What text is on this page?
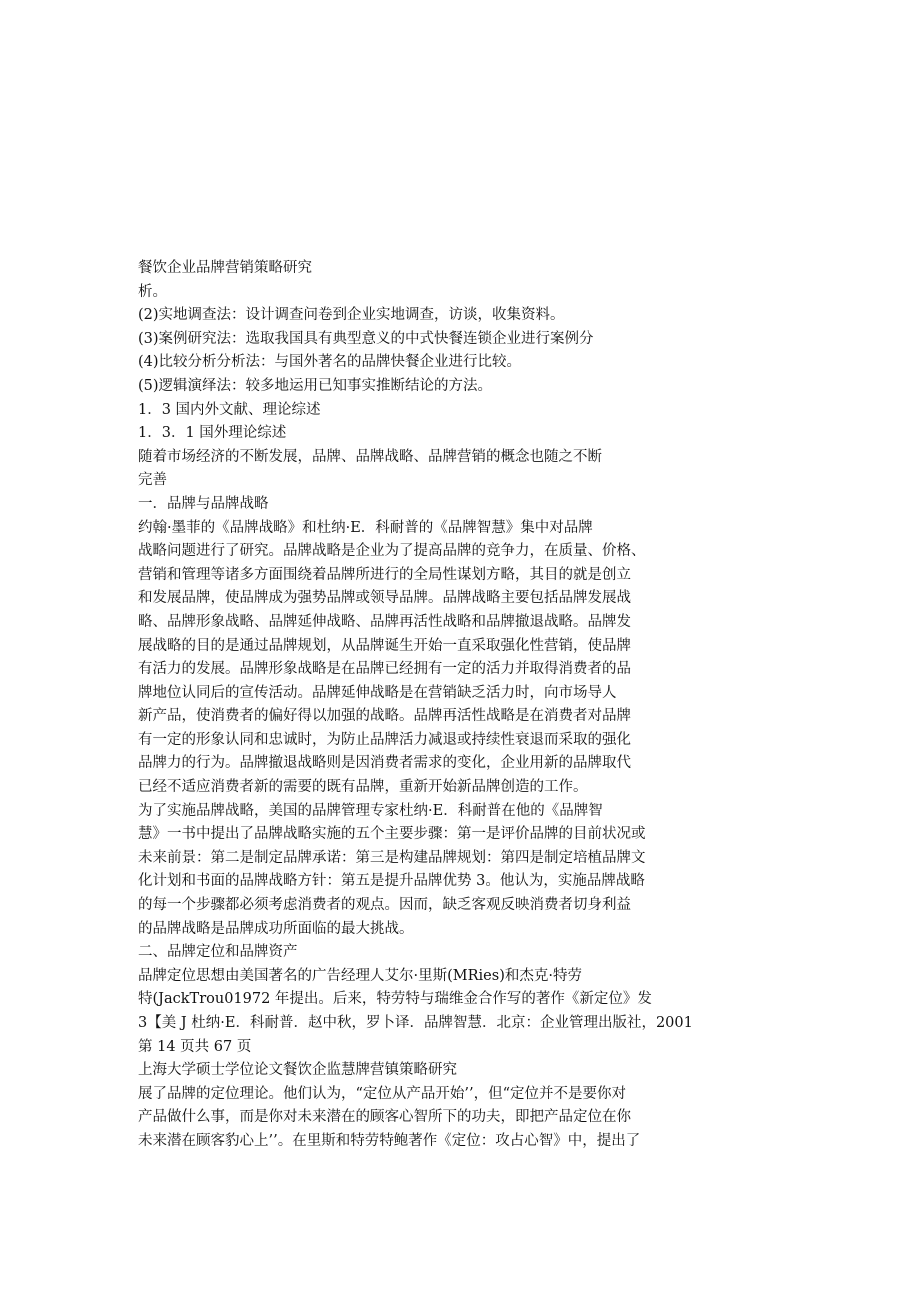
餐饮企业品牌营销策略研究
析。
(2)实地调查法：设计调查问卷到企业实地调查，访谈，收集资料。
(3)案例研究法：选取我国具有典型意义的中式快餐连锁企业进行案例分
(4)比较分析分析法：与国外著名的品牌快餐企业进行比较。
(5)逻辑演绎法：较多地运用已知事实推断结论的方法。
1．3 国内外文献、理论综述
1．3．1 国外理论综述
随着市场经济的不断发展，品牌、品牌战略、品牌营销的概念也随之不断
完善
一．品牌与品牌战略
约翰·墨菲的《品牌战略》和杜纳·E．科耐普的《品牌智慧》集中对品牌
战略问题进行了研究。品牌战略是企业为了提高品牌的竞争力，在质量、价格、
营销和管理等诸多方面围绕着品牌所进行的全局性谋划方略，其目的就是创立
和发展品牌，使品牌成为强势品牌或领导品牌。品牌战略主要包括品牌发展战
略、品牌形象战略、品牌延伸战略、品牌再活性战略和品牌撤退战略。品牌发
展战略的目的是通过品牌规划，从品牌诞生开始一直采取强化性营销，使品牌
有活力的发展。品牌形象战略是在品牌已经拥有一定的活力并取得消费者的品
牌地位认同后的宣传活动。品牌延伸战略是在营销缺乏活力时，向市场导人
新产品，使消费者的偏好得以加强的战略。品牌再活性战略是在消费者对品牌
有一定的形象认同和忠诚时，为防止品牌活力减退或持续性衰退而采取的强化
品牌力的行为。品牌撤退战略则是因消费者需求的变化，企业用新的品牌取代
已经不适应消费者新的需要的既有品牌，重新开始新品牌创造的工作。
为了实施品牌战略，美国的品牌管理专家杜纳·E．科耐普在他的《品牌智
慧》一书中提出了品牌战略实施的五个主要步骤：第一是评价品牌的目前状况或
未来前景：第二是制定品牌承诺：第三是构建品牌规划：第四是制定培植品牌文
化计划和书面的品牌战略方针：第五是提升品牌优势 3。他认为，实施品牌战略
的每一个步骤都必须考虑消费者的观点。因而，缺乏客观反映消费者切身利益
的品牌战略是品牌成功所面临的最大挑战。
二、品牌定位和品牌资产
品牌定位思想由美国著名的广告经理人艾尔·里斯(MRies)和杰克·特劳
特(JackTrou01972 年提出。后来，特劳特与瑞维金合作写的著作《新定位》发
3【美 J 杜纳·E．科耐普．赵中秋，罗卜译．品牌智慧．北京：企业管理出版社，2001
第 14 页共 67 页
上海大学硕士学位论文餐饮企监慧牌营镇策略研究
展了品牌的定位理论。他们认为，“定位从产品开始’’，但“定位并不是要你对
产品做什么事，而是你对未来潜在的顾客心智所下的功夫，即把产品定位在你
未来潜在顾客豹心上’’。在里斯和特劳特鲍著作《定位：攻占心智》中，提出了
